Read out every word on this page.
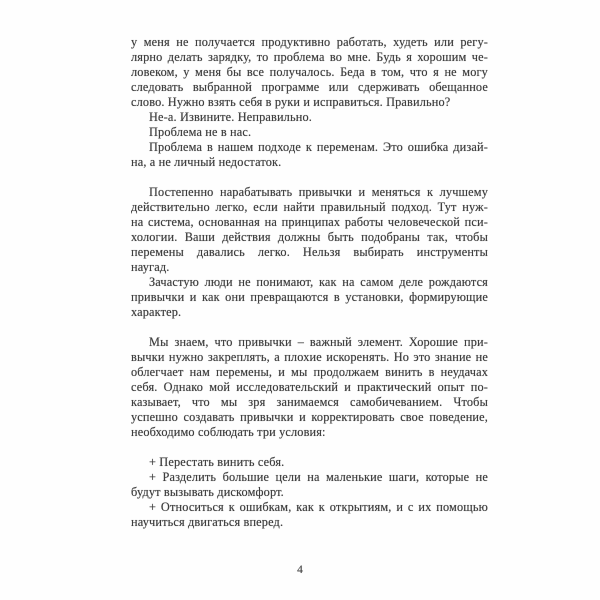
у меня не получается продуктивно работать, худеть или регу-
лярно делать зарядку, то проблема во мне. Будь я хорошим че-
ловеком, у меня бы все получалось. Беда в том, что я не могу
следовать выбранной программе или сдерживать обещанное
слово. Нужно взять себя в руки и исправиться. Правильно?
Не-а. Извините. Неправильно.
Проблема не в нас.
Проблема в нашем подходе к переменам. Это ошибка дизай-
на, а не личный недостаток.
Постепенно нарабатывать привычки и меняться к лучшему
действительно легко, если найти правильный подход. Тут нуж-
на система, основанная на принципах работы человеческой пси-
хологии. Ваши действия должны быть подобраны так, чтобы
перемены давались легко. Нельзя выбирать инструменты
наугад.
Зачастую люди не понимают, как на самом деле рождаются
привычки и как они превращаются в установки, формирующие
характер.
Мы знаем, что привычки – важный элемент. Хорошие при-
вычки нужно закреплять, а плохие искоренять. Но это знание не
облегчает нам перемены, и мы продолжаем винить в неудачах
себя. Однако мой исследовательский и практический опыт по-
казывает, что мы зря занимаемся самобичеванием. Чтобы
успешно создавать привычки и корректировать свое поведение,
необходимо соблюдать три условия:
+ Перестать винить себя.
+ Разделить большие цели на маленькие шаги, которые не
будут вызывать дискомфорт.
+ Относиться к ошибкам, как к открытиям, и с их помощью
научиться двигаться вперед.
4
